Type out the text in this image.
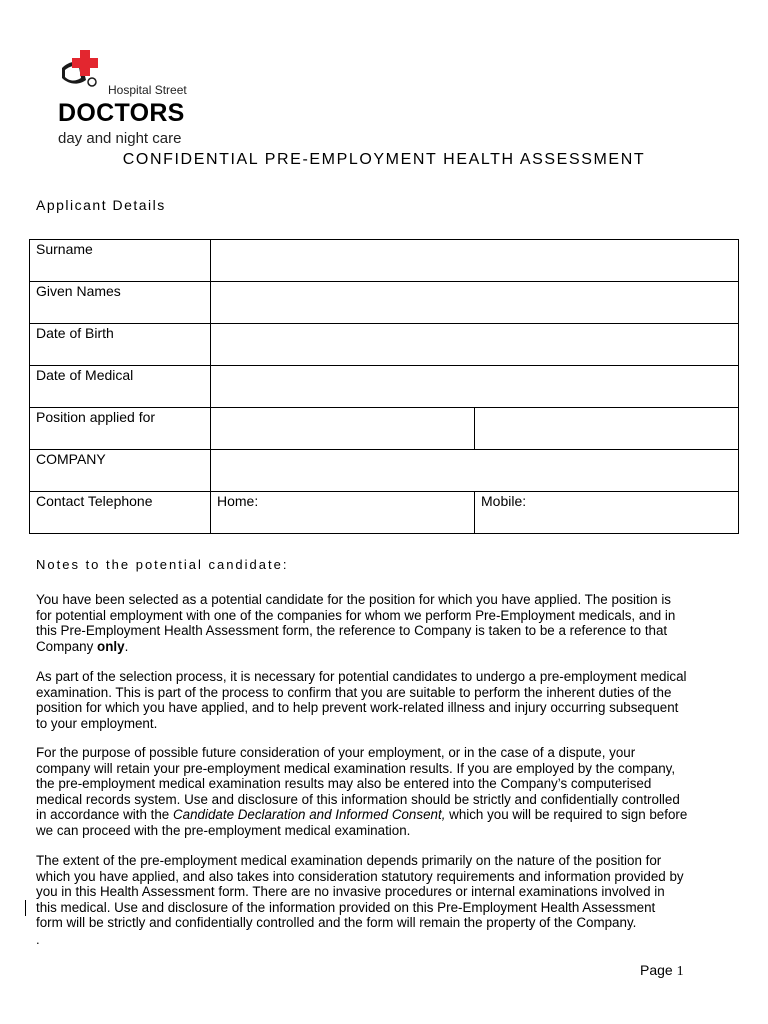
Hospital Street
DOCTORS
day and night care
CONFIDENTIAL PRE-EMPLOYMENT HEALTH ASSESSMENT
Applicant Details
Surname		
Given Names		
Date of Birth		
Date of Medical		
Position applied for		
COMPANY		
Contact Telephone	Home:	Mobile:
Notes to the potential candidate:
You have been selected as a potential candidate for the position for which you have applied. The position is
for potential employment with one of the companies for whom we perform Pre-Employment medicals, and in
this Pre-Employment Health Assessment form, the reference to Company is taken to be a reference to that
Company only.
As part of the selection process, it is necessary for potential candidates to undergo a pre-employment medical
examination. This is part of the process to confirm that you are suitable to perform the inherent duties of the
position for which you have applied, and to help prevent work-related illness and injury occurring subsequent
to your employment.
For the purpose of possible future consideration of your employment, or in the case of a dispute, your
company will retain your pre-employment medical examination results. If you are employed by the company,
the pre-employment medical examination results may also be entered into the Company’s computerised
medical records system. Use and disclosure of this information should be strictly and confidentially controlled
in accordance with the Candidate Declaration and Informed Consent, which you will be required to sign before
we can proceed with the pre-employment medical examination.
The extent of the pre-employment medical examination depends primarily on the nature of the position for
which you have applied, and also takes into consideration statutory requirements and information provided by
you in this Health Assessment form. There are no invasive procedures or internal examinations involved in
this medical. Use and disclosure of the information provided on this Pre-Employment Health Assessment
form will be strictly and confidentially controlled and the form will remain the property of the Company.
.
Page 1
